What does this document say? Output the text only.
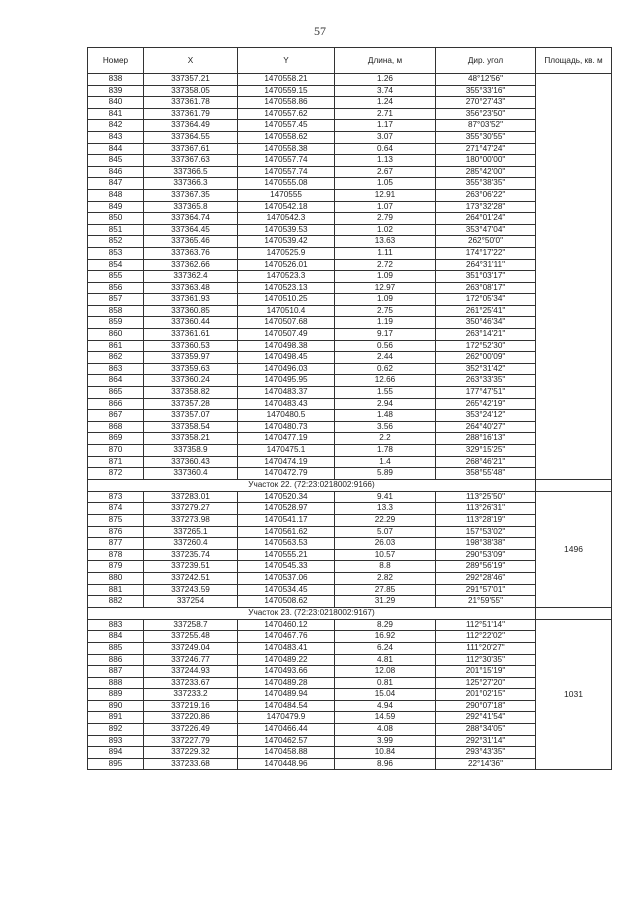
57
Номер	X	Y	Длина, м	Дир. угол	Площадь, кв. м
838	337357.21	1470558.21	1.26	48°12'56"	
839	337358.05	1470559.15	3.74	355°33'16"	
840	337361.78	1470558.86	1.24	270°27'43"	
841	337361.79	1470557.62	2.71	356°23'50"	
842	337364.49	1470557.45	1.17	87°03'52"	
843	337364.55	1470558.62	3.07	355°30'55"	
844	337367.61	1470558.38	0.64	271°47'24"	
845	337367.63	1470557.74	1.13	180°00'00"	
846	337366.5	1470557.74	2.67	285°42'00"	
847	337366.3	1470555.08	1.05	355°38'35"	
848	337367.35	1470555	12.91	263°06'22"	
849	337365.8	1470542.18	1.07	173°32'28"	
850	337364.74	1470542.3	2.79	264°01'24"	
851	337364.45	1470539.53	1.02	353°47'04"	
852	337365.46	1470539.42	13.63	262°50'0"	
853	337363.76	1470525.9	1.11	174°17'22"	
854	337362.66	1470526.01	2.72	264°31'11"	
855	337362.4	1470523.3	1.09	351°03'17"	
856	337363.48	1470523.13	12.97	263°08'17"	
857	337361.93	1470510.25	1.09	172°05'34"	
858	337360.85	1470510.4	2.75	261°25'41"	
859	337360.44	1470507.68	1.19	350°46'34"	
860	337361.61	1470507.49	9.17	263°14'21"	
861	337360.53	1470498.38	0.56	172°52'30"	
862	337359.97	1470498.45	2.44	262°00'09"	
863	337359.63	1470496.03	0.62	352°31'42"	
864	337360.24	1470495.95	12.66	263°33'35"	
865	337358.82	1470483.37	1.55	177°47'51"	
866	337357.28	1470483.43	2.94	265°42'19"	
867	337357.07	1470480.5	1.48	353°24'12"	
868	337358.54	1470480.73	3.56	264°40'27"	
869	337358.21	1470477.19	2.2	288°16'13"	
870	337358.9	1470475.1	1.78	329°15'25"	
871	337360.43	1470474.19	1.4	268°46'21"	
872	337360.4	1470472.79	5.89	358°55'48"	
Участок 22. (72:23:0218002:9166)					
873	337283.01	1470520.34	9.41	113°25'50"	1496
874	337279.27	1470528.97	13.3	113°26'31"	
875	337273.98	1470541.17	22.29	113°28'19"	
876	337265.1	1470561.62	5.07	157°53'02"	
877	337260.4	1470563.53	26.03	198°38'38"	
878	337235.74	1470555.21	10.57	290°53'09"	
879	337239.51	1470545.33	8.8	289°56'19"	
880	337242.51	1470537.06	2.82	292°28'46"	
881	337243.59	1470534.45	27.85	291°57'01"	
882	337254	1470508.62	31.29	21°59'55"	
Участок 23. (72:23:0218002:9167)					
883	337258.7	1470460.12	8.29	112°51'14"	1031
884	337255.48	1470467.76	16.92	112°22'02"	
885	337249.04	1470483.41	6.24	111°20'27"	
886	337246.77	1470489.22	4.81	112°30'35"	
887	337244.93	1470493.66	12.08	201°15'19"	
888	337233.67	1470489.28	0.81	125°27'20"	
889	337233.2	1470489.94	15.04	201°02'15"	
890	337219.16	1470484.54	4.94	290°07'18"	
891	337220.86	1470479.9	14.59	292°41'54"	
892	337226.49	1470466.44	4.08	288°34'05"	
893	337227.79	1470462.57	3.99	292°31'14"	
894	337229.32	1470458.88	10.84	293°43'35"	
895	337233.68	1470448.96	8.96	22°14'36"	
